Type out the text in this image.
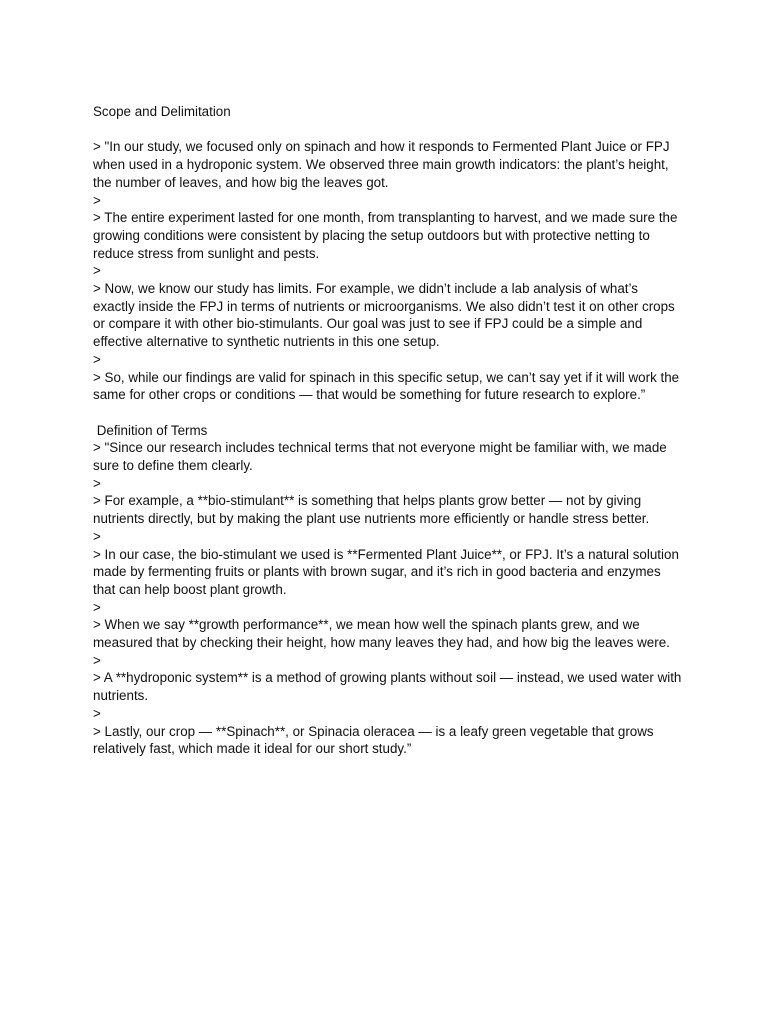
Scope and Delimitation

> "In our study, we focused only on spinach and how it responds to Fermented Plant Juice or FPJ when used in a hydroponic system. We observed three main growth indicators: the plant’s height, the number of leaves, and how big the leaves got.

>

> The entire experiment lasted for one month, from transplanting to harvest, and we made sure the growing conditions were consistent by placing the setup outdoors but with protective netting to reduce stress from sunlight and pests.

>

> Now, we know our study has limits. For example, we didn’t include a lab analysis of what’s exactly inside the FPJ in terms of nutrients or microorganisms. We also didn’t test it on other crops or compare it with other bio-stimulants. Our goal was just to see if FPJ could be a simple and effective alternative to synthetic nutrients in this one setup.

>

> So, while our findings are valid for spinach in this specific setup, we can’t say yet if it will work the same for other crops or conditions — that would be something for future research to explore.”

Definition of Terms

> "Since our research includes technical terms that not everyone might be familiar with, we made sure to define them clearly.

>

> For example, a **bio-stimulant** is something that helps plants grow better — not by giving nutrients directly, but by making the plant use nutrients more efficiently or handle stress better.

>

> In our case, the bio-stimulant we used is **Fermented Plant Juice**, or FPJ. It’s a natural solution made by fermenting fruits or plants with brown sugar, and it’s rich in good bacteria and enzymes that can help boost plant growth.

>

> When we say **growth performance**, we mean how well the spinach plants grew, and we measured that by checking their height, how many leaves they had, and how big the leaves were.

>

> A **hydroponic system** is a method of growing plants without soil — instead, we used water with nutrients.

>

> Lastly, our crop — **Spinach**, or Spinacia oleracea — is a leafy green vegetable that grows relatively fast, which made it ideal for our short study.”
